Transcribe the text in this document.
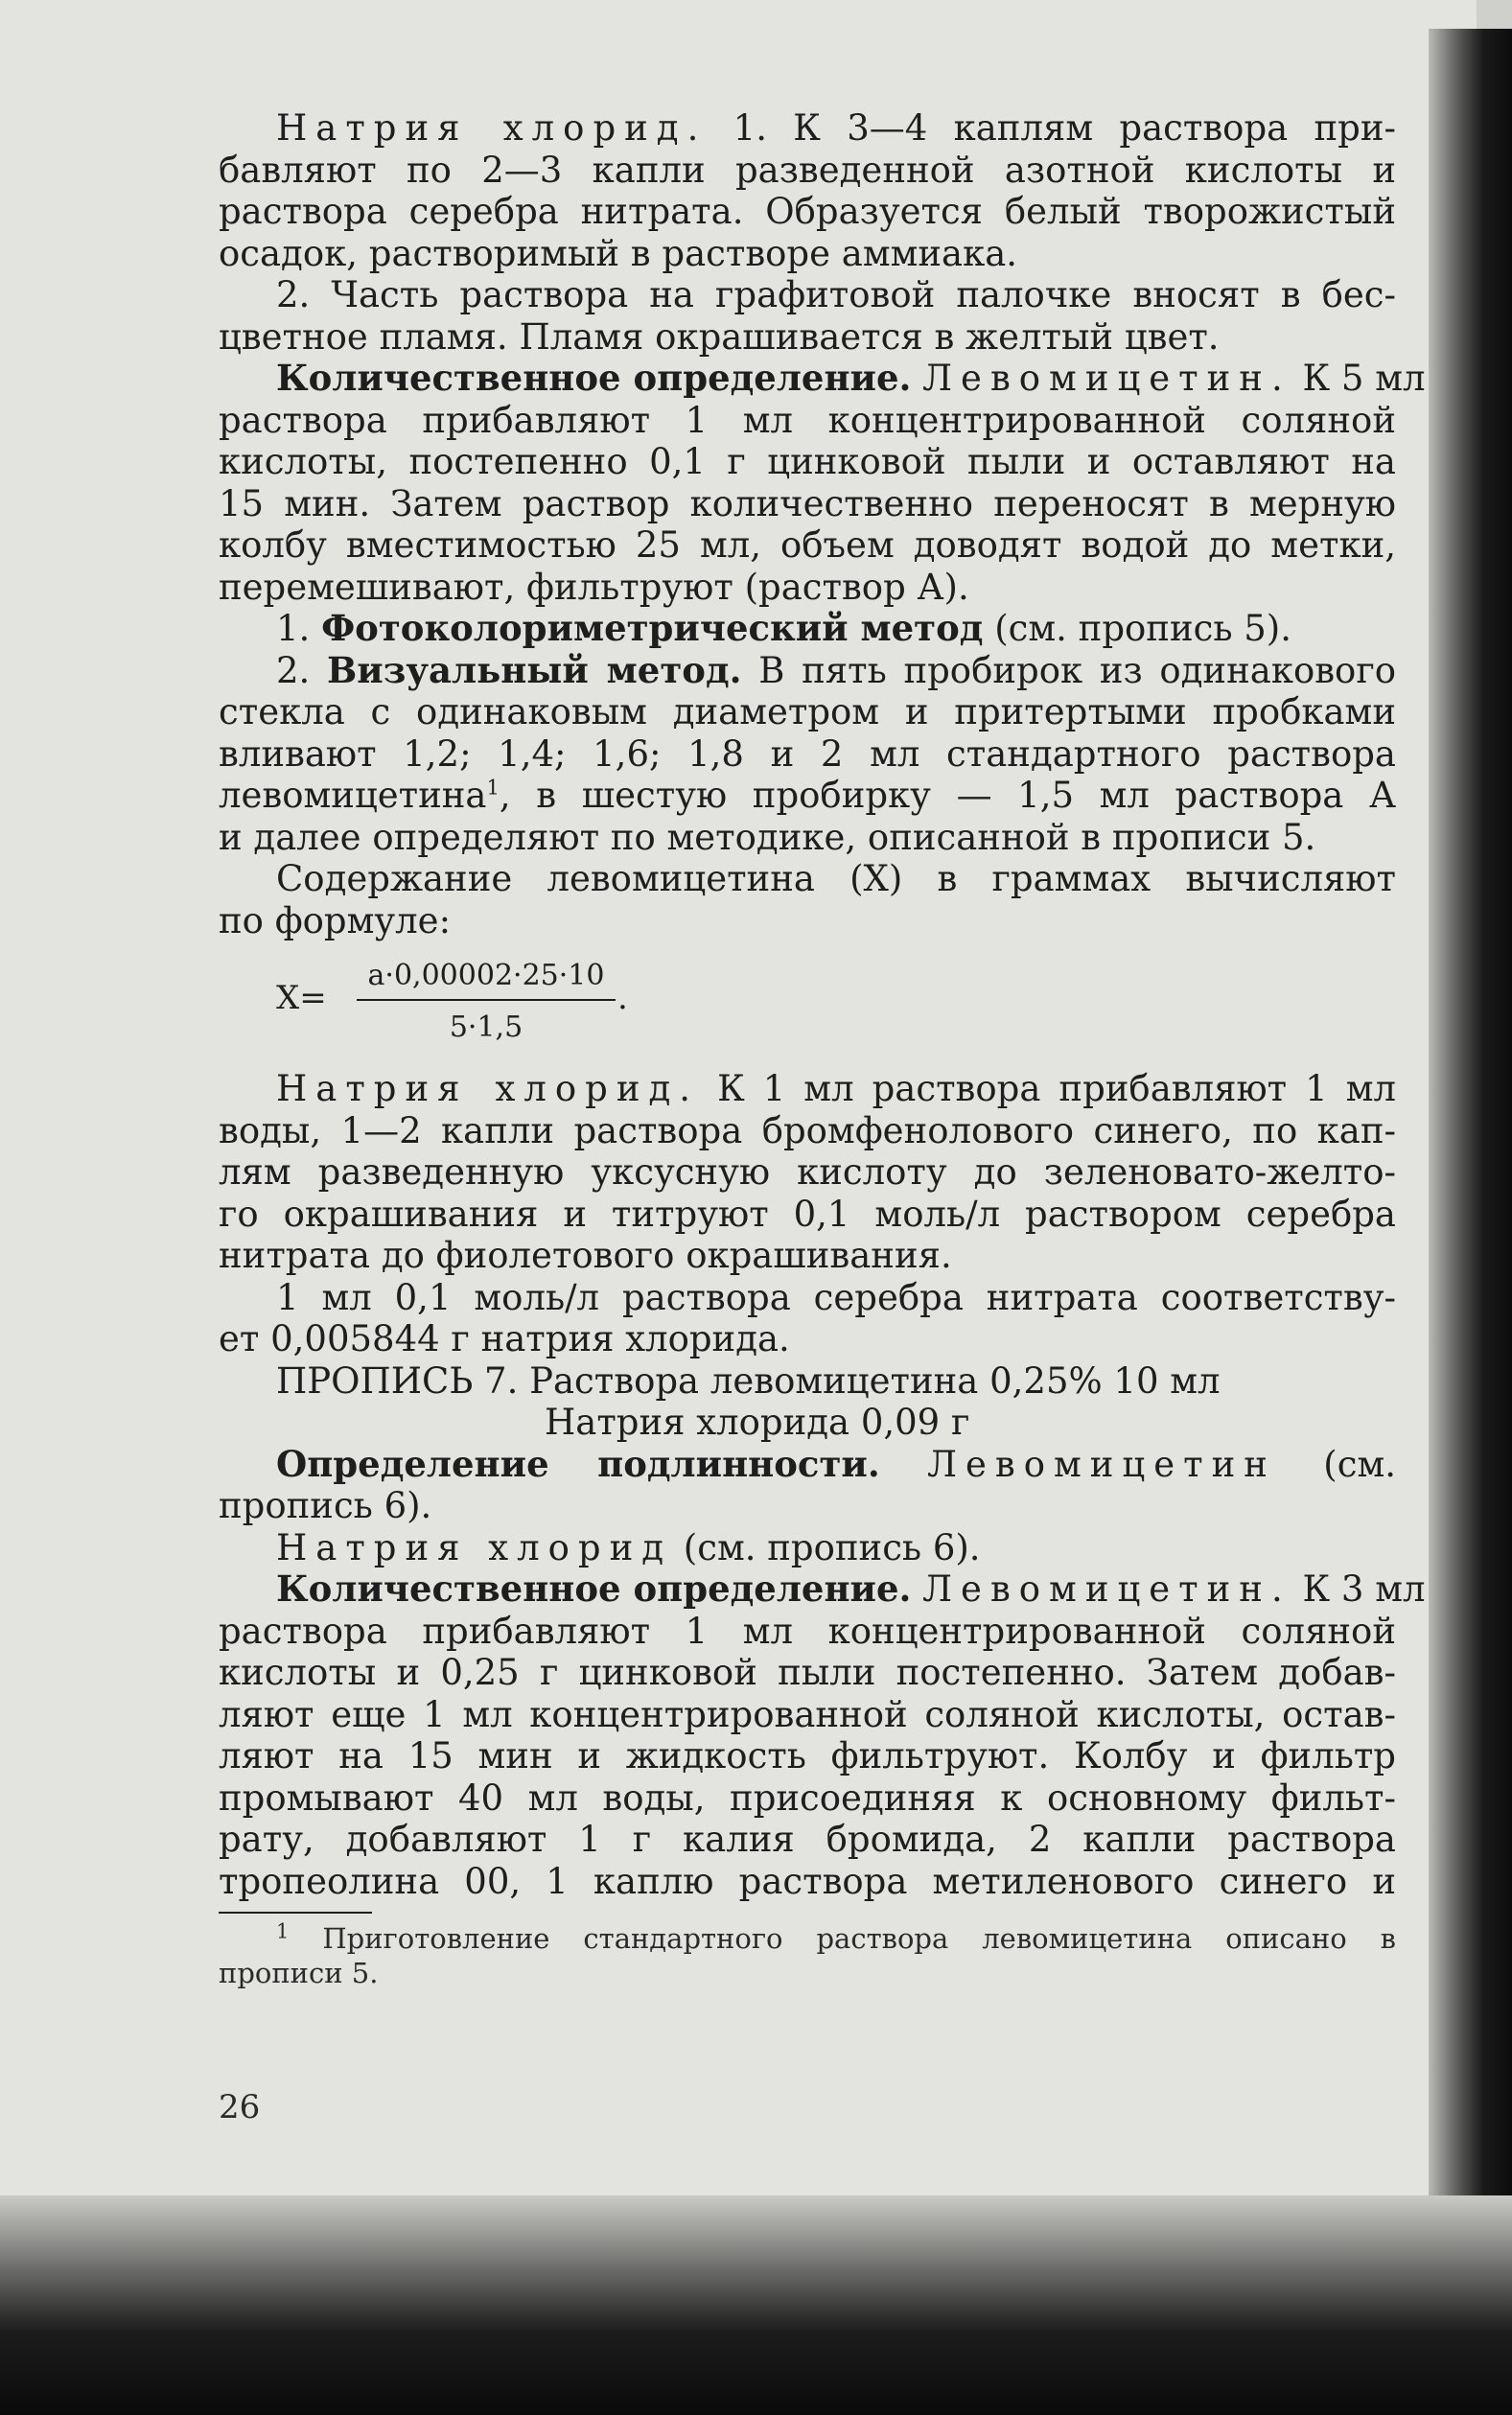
Натрия хлорид. 1. К 3—4 каплям раствора при-
бавляют по 2—3 капли разведенной азотной кислоты и
раствора серебра нитрата. Образуется белый творожистый
осадок, растворимый в растворе аммиака.
2. Часть раствора на графитовой палочке вносят в бес-
цветное пламя. Пламя окрашивается в желтый цвет.
Количественное определение. Левомицетин. К 5 мл
раствора прибавляют 1 мл концентрированной соляной
кислоты, постепенно 0,1 г цинковой пыли и оставляют на
15 мин. Затем раствор количественно переносят в мерную
колбу вместимостью 25 мл, объем доводят водой до метки,
перемешивают, фильтруют (раствор А).
1. Фотоколориметрический метод (см. пропись 5).
2. Визуальный метод. В пять пробирок из одинакового
стекла с одинаковым диаметром и притертыми пробками
вливают 1,2; 1,4; 1,6; 1,8 и 2 мл стандартного раствора
левомицетина$^1$, в шестую пробирку — 1,5 мл раствора А
и далее определяют по методике, описанной в прописи 5.
Содержание левомицетина (X) в граммах вычисляют
по формуле:
X=
a·0,00002·25·10
5·1,5
.
Натрия хлорид. К 1 мл раствора прибавляют 1 мл
воды, 1—2 капли раствора бромфенолового синего, по кап-
лям разведенную уксусную кислоту до зеленовато-желто-
го окрашивания и титруют 0,1 моль/л раствором серебра
нитрата до фиолетового окрашивания.
1 мл 0,1 моль/л раствора серебра нитрата соответству-
ет 0,005844 г натрия хлорида.
ПРОПИСЬ 7. Раствора левомицетина 0,25% 10 мл
Натрия хлорида 0,09 г
Определение подлинности. Левомицетин (см.
пропись 6).
Натрия хлорид (см. пропись 6).
Количественное определение. Левомицетин. К 3 мл
раствора прибавляют 1 мл концентрированной соляной
кислоты и 0,25 г цинковой пыли постепенно. Затем добав-
ляют еще 1 мл концентрированной соляной кислоты, остав-
ляют на 15 мин и жидкость фильтруют. Колбу и фильтр
промывают 40 мл воды, присоединяя к основному фильт-
рату, добавляют 1 г калия бромида, 2 капли раствора
тропеолина 00, 1 каплю раствора метиленового синего и
$^1$ Приготовление стандартного раствора левомицетина описано в
прописи 5.
26
